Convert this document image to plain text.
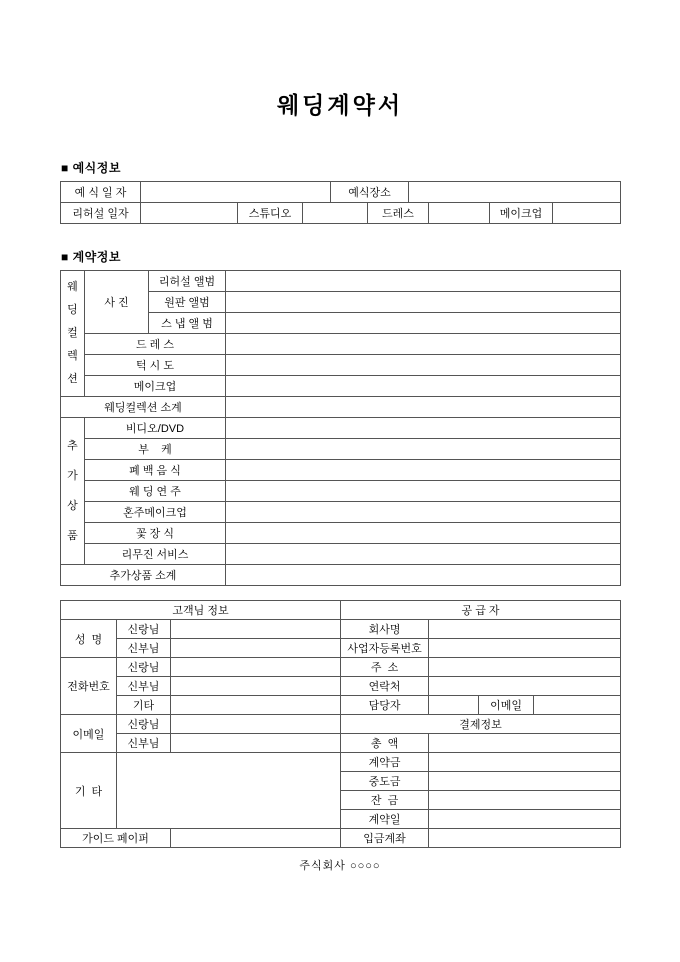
웨딩계약서
■ 예식정보
예 식 일 자		예식장소	
리허설 일자		스튜디오		드레스		메이크업	
■ 계약정보
웨딩컬렉션	사 진	리허설 앨범	
		원판 앨범	
		스 냅 앨 범	
	드 레 스		
	턱 시 도		
	메이크업		
웨딩컬렉션 소계			

추가상품	비디오/DVD		
	부    케		
	폐 백 음 식		
	웨 딩 연 주		
	혼주메이크업		
	꽃 장 식		
	리무진 서비스		
추가상품 소계			
고객님 정보			공 급 자			
성  명	신랑님		회사명			
	신부님		사업자등록번호			
전화번호	신랑님		주  소			
	신부님		연락처			
	기타		담당자		이메일	
이메일	신랑님		결제정보			
	신부님		총  액			
기  타			계약금			
			중도금			
			잔  금			
			계약일			
가이드 페이퍼			입금계좌			
주식회사 ○○○○
